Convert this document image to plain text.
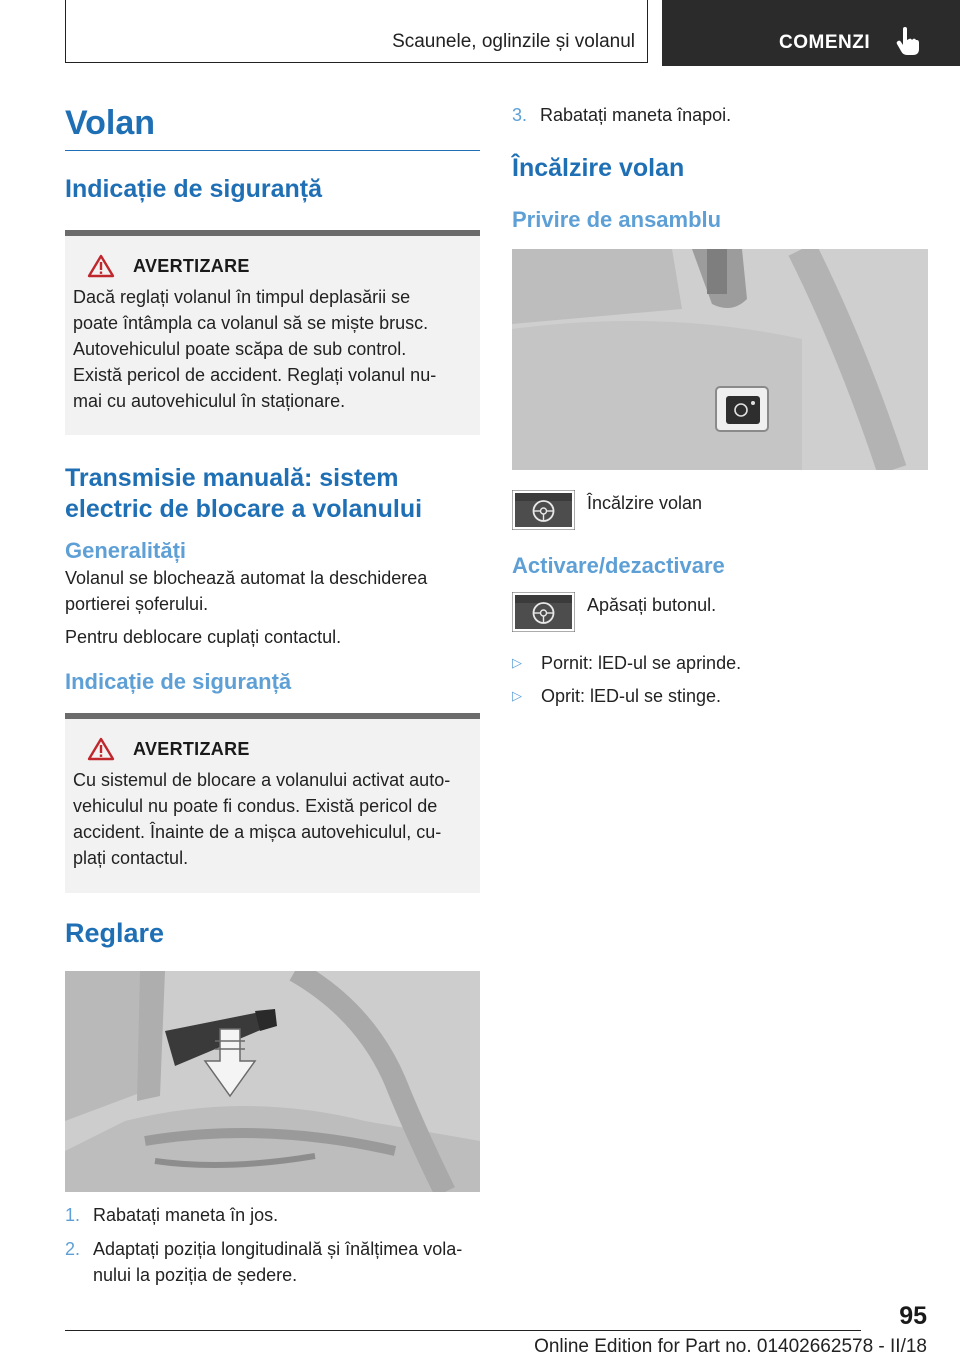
Scaunele, oglinzile și volanul	COMENZI
Volan
Indicație de siguranță
AVERTIZARE

Dacă reglați volanul în timpul deplasării se

poate întâmpla ca volanul să se miște brusc.

Autovehiculul poate scăpa de sub control.

Există pericol de accident. Reglați volanul nu-

mai cu autovehiculul în staționare.

Transmisie manuală: sistem
electric de blocare a volanului
Generalități

Volanul se blochează automat la deschiderea

portierei șoferului.

Pentru deblocare cuplați contactul.

Indicație de siguranță
AVERTIZARE

Cu sistemul de blocare a volanului activat auto-

vehiculul nu poate fi condus. Există pericol de

accident. Înainte de a mișca autovehiculul, cu-

plați contactul.

Reglare
1. Rabatați maneta în jos.
2. Adaptați poziția longitudinală și înălțimea vola-
nului la poziția de ședere.
3. Rabatați maneta înapoi.
Încălzire volan
Privire de ansamblu
Încălzire volan
Activare/dezactivare
Apăsați butonul.
▷	Pornit: lED-ul se aprinde.
▷	Oprit: lED-ul se stinge.
95
Online Edition for Part no. 01402662578 - II/18
